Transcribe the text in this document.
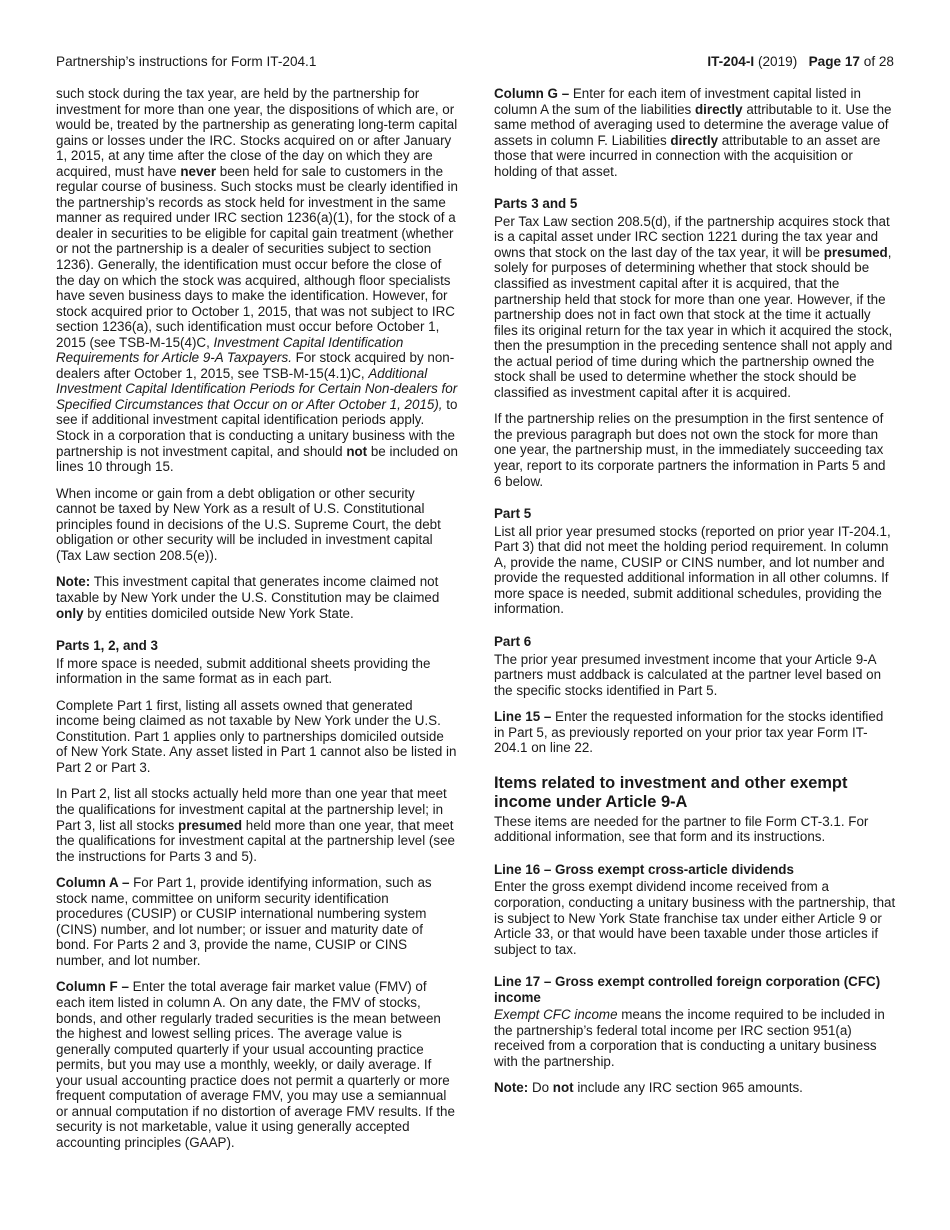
Partnership’s instructions for Form IT-204.1	IT-204-I (2019) Page 17 of 28

such stock during the tax year, are held by the partnership for investment for more than one year, the dispositions of which are, or would be, treated by the partnership as generating long-term capital gains or losses under the IRC. Stocks acquired on or after January 1, 2015, at any time after the close of the day on which they are acquired, must have never been held for sale to customers in the regular course of business. Such stocks must be clearly identified in the partnership’s records as stock held for investment in the same manner as required under IRC section 1236(a)(1), for the stock of a dealer in securities to be eligible for capital gain treatment (whether or not the partnership is a dealer of securities subject to section 1236). Generally, the identification must occur before the close of the day on which the stock was acquired, although floor specialists have seven business days to make the identification. However, for stock acquired prior to October 1, 2015, that was not subject to IRC section 1236(a), such identification must occur before October 1, 2015 (see TSB-M-15(4)C, Investment Capital Identification Requirements for Article 9-A Taxpayers. For stock acquired by non-dealers after October 1, 2015, see TSB-M-15(4.1)C, Additional Investment Capital Identification Periods for Certain Non-dealers for Specified Circumstances that Occur on or After October 1, 2015), to see if additional investment capital identification periods apply. Stock in a corporation that is conducting a unitary business with the partnership is not investment capital, and should not be included on lines 10 through 15.

When income or gain from a debt obligation or other security cannot be taxed by New York as a result of U.S. Constitutional principles found in decisions of the U.S. Supreme Court, the debt obligation or other security will be included in investment capital (Tax Law section 208.5(e)).

Note: This investment capital that generates income claimed not taxable by New York under the U.S. Constitution may be claimed only by entities domiciled outside New York State.

Parts 1, 2, and 3

If more space is needed, submit additional sheets providing the information in the same format as in each part.

Complete Part 1 first, listing all assets owned that generated income being claimed as not taxable by New York under the U.S. Constitution. Part 1 applies only to partnerships domiciled outside of New York State. Any asset listed in Part 1 cannot also be listed in Part 2 or Part 3.

In Part 2, list all stocks actually held more than one year that meet the qualifications for investment capital at the partnership level; in Part 3, list all stocks presumed held more than one year, that meet the qualifications for investment capital at the partnership level (see the instructions for Parts 3 and 5).

Column A – For Part 1, provide identifying information, such as stock name, committee on uniform security identification procedures (CUSIP) or CUSIP international numbering system (CINS) number, and lot number; or issuer and maturity date of bond. For Parts 2 and 3, provide the name, CUSIP or CINS number, and lot number.

Column F – Enter the total average fair market value (FMV) of each item listed in column A. On any date, the FMV of stocks, bonds, and other regularly traded securities is the mean between the highest and lowest selling prices. The average value is generally computed quarterly if your usual accounting practice permits, but you may use a monthly, weekly, or daily average. If your usual accounting practice does not permit a quarterly or more frequent computation of average FMV, you may use a semiannual or annual computation if no distortion of average FMV results. If the security is not marketable, value it using generally accepted accounting principles (GAAP).

Column G – Enter for each item of investment capital listed in column A the sum of the liabilities directly attributable to it. Use the same method of averaging used to determine the average value of assets in column F. Liabilities directly attributable to an asset are those that were incurred in connection with the acquisition or holding of that asset.

Parts 3 and 5

Per Tax Law section 208.5(d), if the partnership acquires stock that is a capital asset under IRC section 1221 during the tax year and owns that stock on the last day of the tax year, it will be presumed, solely for purposes of determining whether that stock should be classified as investment capital after it is acquired, that the partnership held that stock for more than one year. However, if the partnership does not in fact own that stock at the time it actually files its original return for the tax year in which it acquired the stock, then the presumption in the preceding sentence shall not apply and the actual period of time during which the partnership owned the stock shall be used to determine whether the stock should be classified as investment capital after it is acquired.

If the partnership relies on the presumption in the first sentence of the previous paragraph but does not own the stock for more than one year, the partnership must, in the immediately succeeding tax year, report to its corporate partners the information in Parts 5 and 6 below.

Part 5

List all prior year presumed stocks (reported on prior year IT-204.1, Part 3) that did not meet the holding period requirement. In column A, provide the name, CUSIP or CINS number, and lot number and provide the requested additional information in all other columns. If more space is needed, submit additional schedules, providing the information.

Part 6

The prior year presumed investment income that your Article 9-A partners must addback is calculated at the partner level based on the specific stocks identified in Part 5.

Line 15 – Enter the requested information for the stocks identified in Part 5, as previously reported on your prior tax year Form IT-204.1 on line 22.

Items related to investment and other exempt income under Article 9-A

These items are needed for the partner to file Form CT-3.1. For additional information, see that form and its instructions.

Line 16 – Gross exempt cross-article dividends

Enter the gross exempt dividend income received from a corporation, conducting a unitary business with the partnership, that is subject to New York State franchise tax under either Article 9 or Article 33, or that would have been taxable under those articles if subject to tax.

Line 17 – Gross exempt controlled foreign corporation (CFC) income

Exempt CFC income means the income required to be included in the partnership’s federal total income per IRC section 951(a) received from a corporation that is conducting a unitary business with the partnership.

Note: Do not include any IRC section 965 amounts.
